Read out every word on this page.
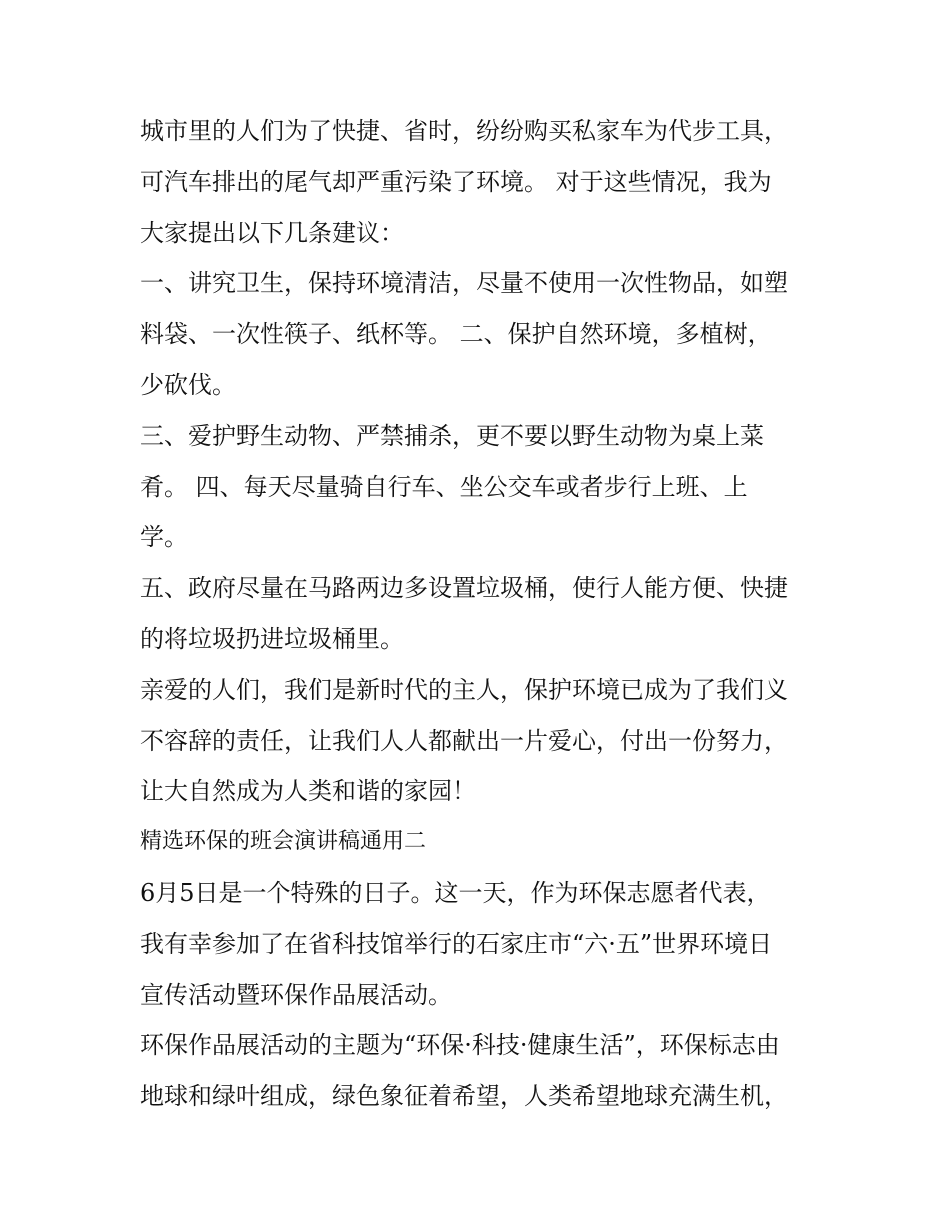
城市里的人们为了快捷、省时，纷纷购买私家车为代步工具，
可汽车排出的尾气却严重污染了环境。 对于这些情况，我为
大家提出以下几条建议：
一、讲究卫生，保持环境清洁，尽量不使用一次性物品，如塑
料袋、一次性筷子、纸杯等。 二、保护自然环境，多植树，
少砍伐。
三、爱护野生动物、严禁捕杀，更不要以野生动物为桌上菜
肴。 四、每天尽量骑自行车、坐公交车或者步行上班、上
学。
五、政府尽量在马路两边多设置垃圾桶，使行人能方便、快捷
的将垃圾扔进垃圾桶里。
亲爱的人们，我们是新时代的主人，保护环境已成为了我们义
不容辞的责任，让我们人人都献出一片爱心，付出一份努力，
让大自然成为人类和谐的家园！
精选环保的班会演讲稿通用二
6月5日是一个特殊的日子。这一天，作为环保志愿者代表，
我有幸参加了在省科技馆举行的石家庄市“六·五”世界环境日
宣传活动暨环保作品展活动。
环保作品展活动的主题为“环保·科技·健康生活”，环保标志由
地球和绿叶组成，绿色象征着希望，人类希望地球充满生机，
